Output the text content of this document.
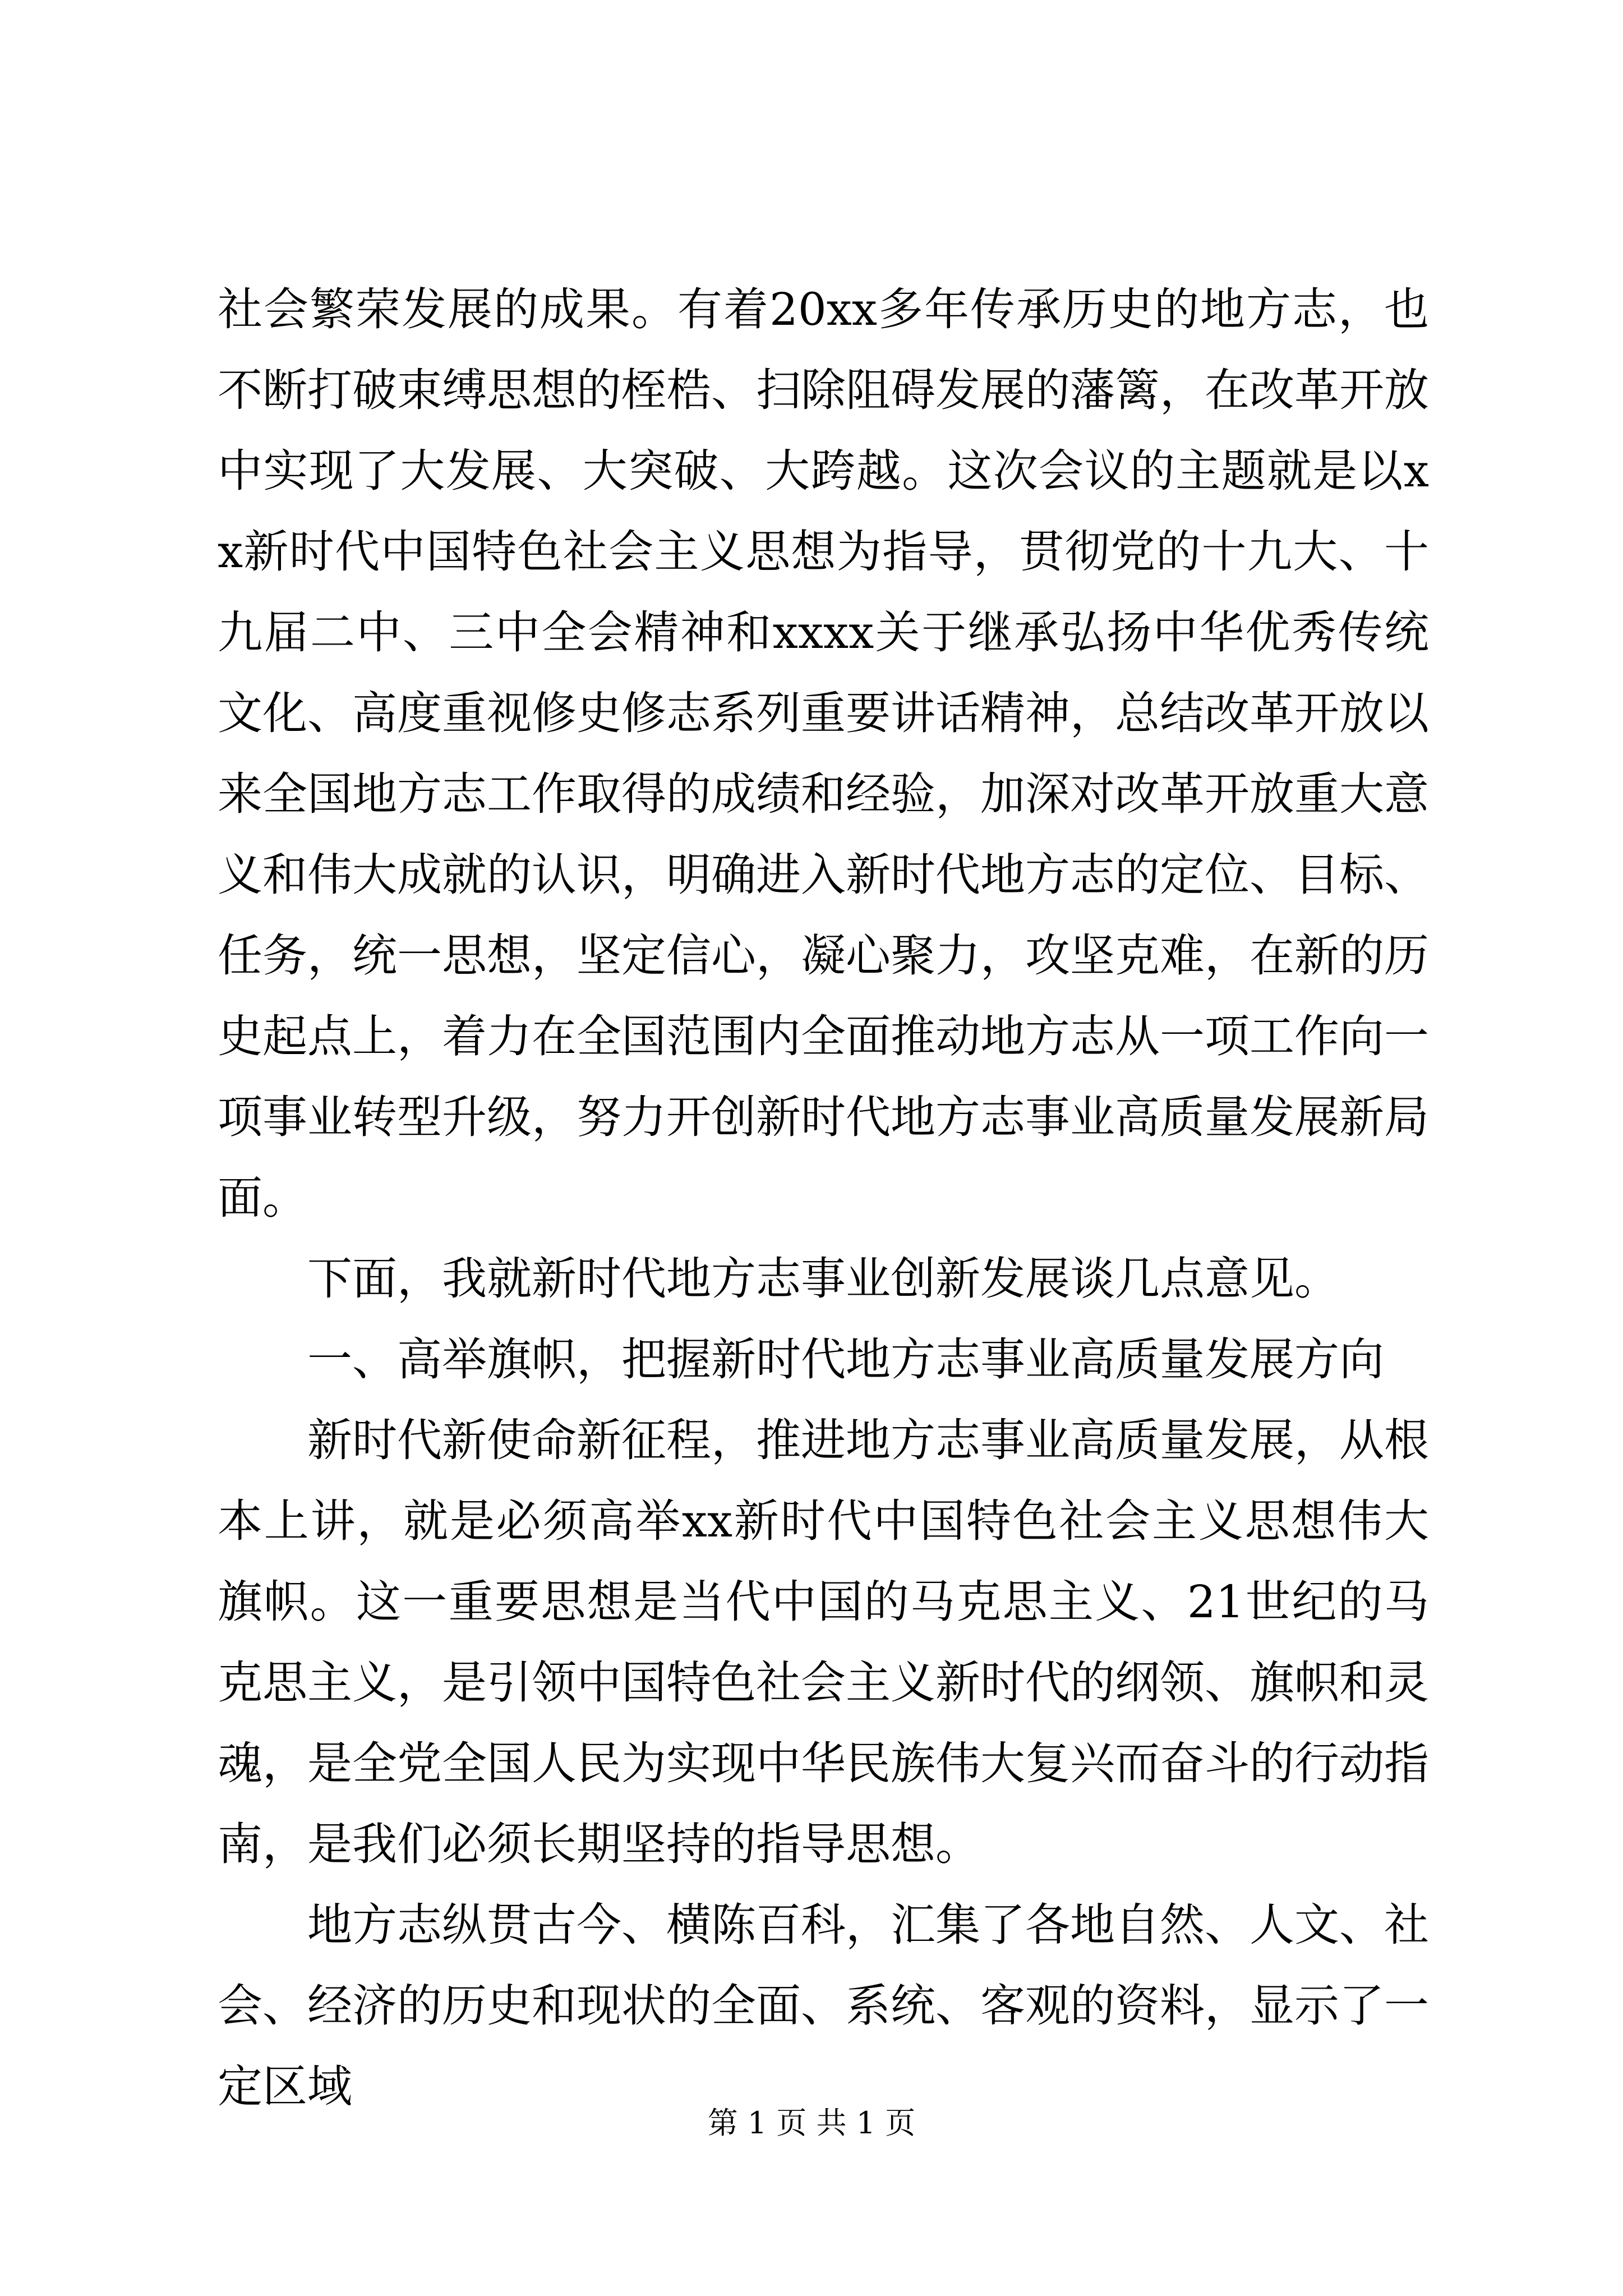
社会繁荣发展的成果。有着20xx多年传承历史的地方志，也不断打破束缚思想的桎梏、扫除阻碍发展的藩篱，在改革开放中实现了大发展、大突破、大跨越。这次会议的主题就是以xx新时代中国特色社会主义思想为指导，贯彻党的十九大、十九届二中、三中全会精神和xxxx关于继承弘扬中华优秀传统文化、高度重视修史修志系列重要讲话精神，总结改革开放以来全国地方志工作取得的成绩和经验，加深对改革开放重大意义和伟大成就的认识，明确进入新时代地方志的定位、目标、任务，统一思想，坚定信心，凝心聚力，攻坚克难，在新的历史起点上，着力在全国范围内全面推动地方志从一项工作向一项事业转型升级，努力开创新时代地方志事业高质量发展新局面。

下面，我就新时代地方志事业创新发展谈几点意见。

一、高举旗帜，把握新时代地方志事业高质量发展方向

新时代新使命新征程，推进地方志事业高质量发展，从根本上讲，就是必须高举xx新时代中国特色社会主义思想伟大旗帜。这一重要思想是当代中国的马克思主义、21世纪的马克思主义，是引领中国特色社会主义新时代的纲领、旗帜和灵魂，是全党全国人民为实现中华民族伟大复兴而奋斗的行动指南，是我们必须长期坚持的指导思想。

地方志纵贯古今、横陈百科，汇集了各地自然、人文、社会、经济的历史和现状的全面、系统、客观的资料，显示了一定区域

第 1 页 共 1 页
